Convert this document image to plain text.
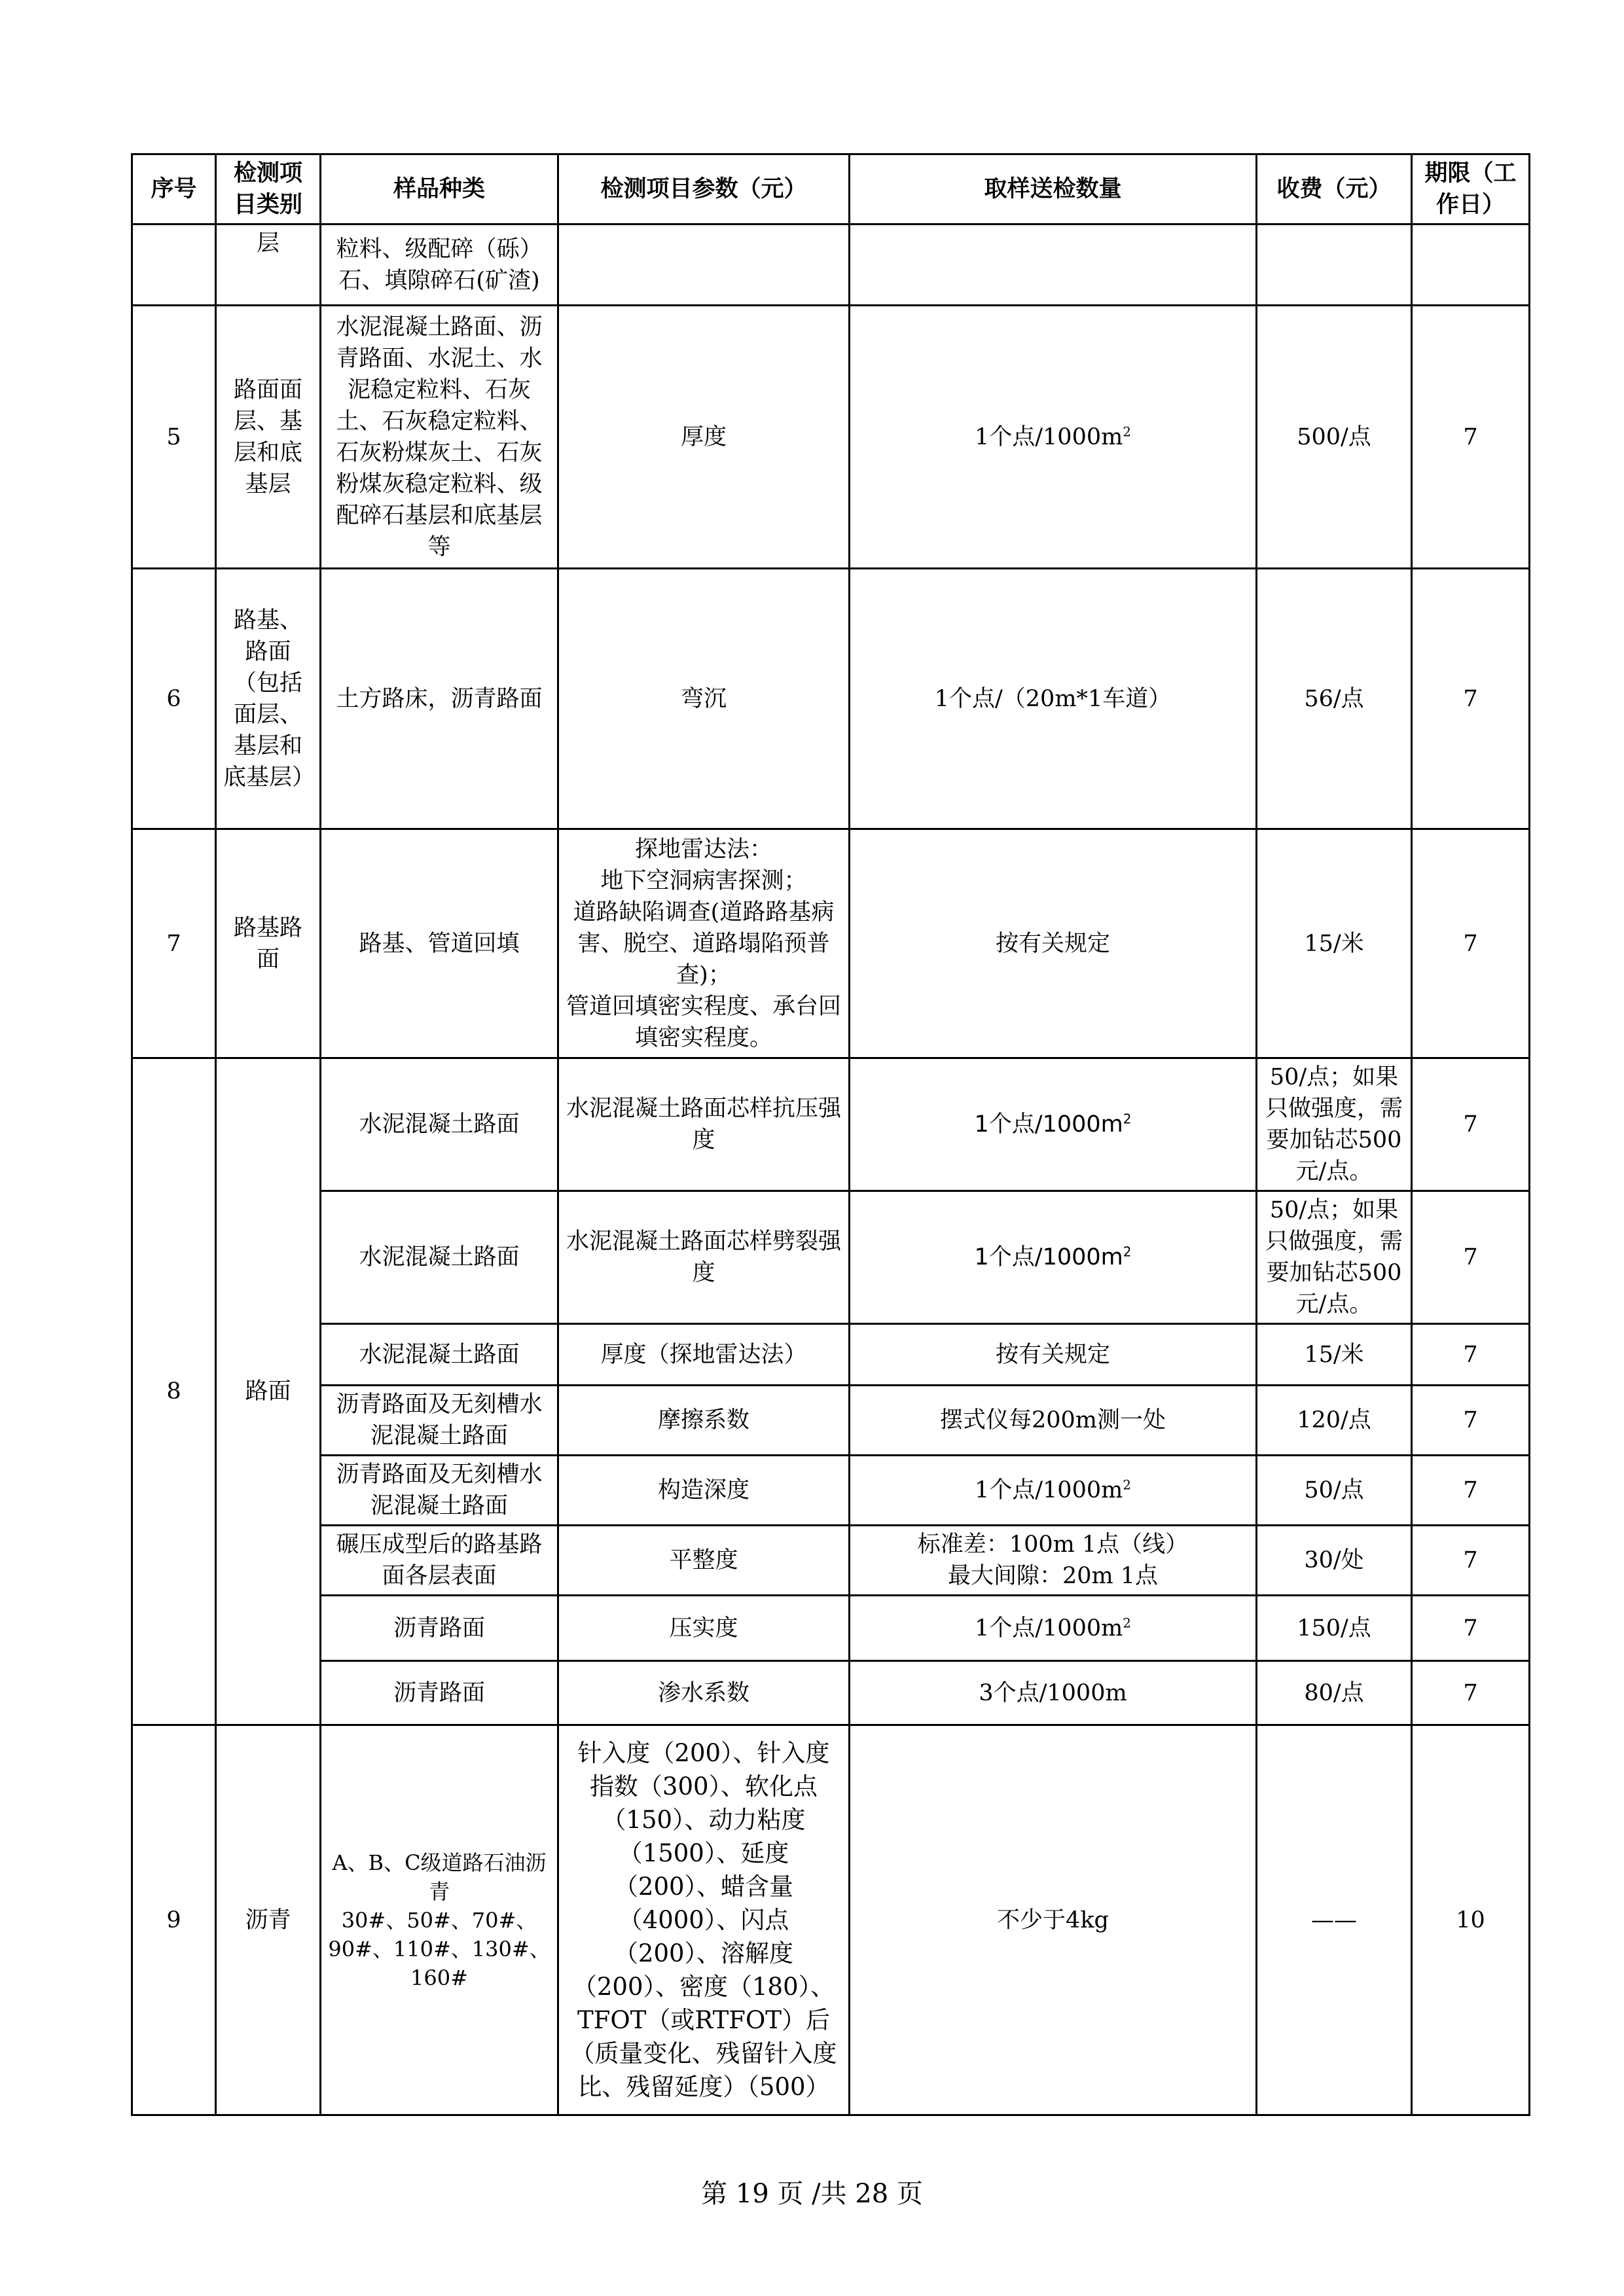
序号	检测项目类别	样品种类	检测项目参数（元）	取样送检数量	收费（元）	期限（工作日）
	层	粒料、级配碎（砾）石、填隙碎石(矿渣)				
5	路面面层、基层和底基层	水泥混凝土路面、沥青路面、水泥土、水泥稳定粒料、石灰土、石灰稳定粒料、石灰粉煤灰土、石灰粉煤灰稳定粒料、级配碎石基层和底基层等	厚度	1个点$/1000m^2$	500/点	7
6	路基、路面（包括面层、基层和底基层）	土方路床，沥青路面	弯沉	1个点/（20m*1车道）	56/点	7
7	路基路面	路基、管道回填	探地雷达法：
地下空洞病害探测；
道路缺陷调查(道路路基病害、脱空、道路塌陷预普查)；
管道回填密实程度、承台回填密实程度。	按有关规定	15/米	7
8	路面	水泥混凝土路面	水泥混凝土路面芯样抗压强度	1个点$/1000m^2$	50/点；如果只做强度，需要加钻芯500元/点。	7
		水泥混凝土路面	水泥混凝土路面芯样劈裂强度	1个点$/1000m^2$	50/点；如果只做强度，需要加钻芯500元/点。	7
		水泥混凝土路面	厚度（探地雷达法）	按有关规定	15/米	7
		沥青路面及无刻槽水泥混凝土路面	摩擦系数	摆式仪每200m测一处	120/点	7
		沥青路面及无刻槽水泥混凝土路面	构造深度	1个点$/1000m^2$	50/点	7
		碾压成型后的路基路面各层表面	平整度	标准差：100m 1点（线）
最大间隙：20m 1点	30/处	7
		沥青路面	压实度	1个点$/1000m^2$	150/点	7
		沥青路面	渗水系数	3个点/1000m	80/点	7
9	沥青	A、B、C级道路石油沥青
30#、50#、70#、90#、110#、130#、160#	针入度（200）、针入度指数（300）、软化点（150）、动力粘度（1500）、延度（200）、蜡含量（4000）、闪点（200）、溶解度（200）、密度（180）、TFOT（或RTFOT）后（质量变化、残留针入度比、残留延度）（500）	不少于4kg	——	10
第 19 页 /共 28 页
